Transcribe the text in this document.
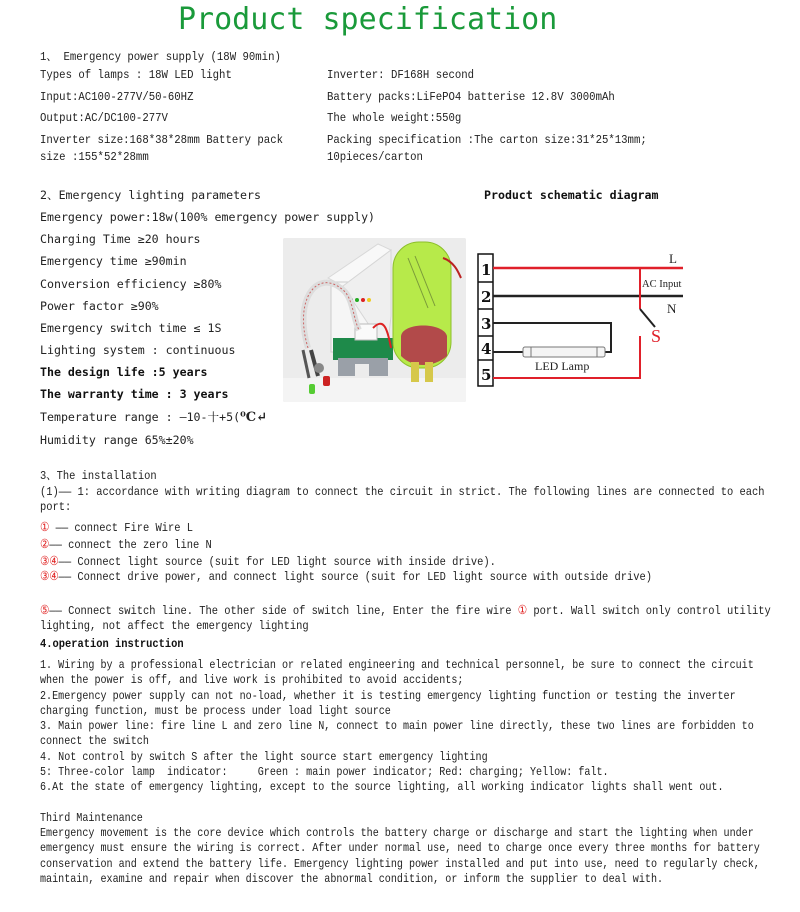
Product specification
1、 Emergency power supply (18W 90min)
Types of lamps : 18W LED light
Input:AC100-277V/50-60HZ
Output:AC/DC100-277V
Inverter size:168*38*28mm Battery pack
size :155*52*28mm
Inverter: DF168H second
Battery packs:LiFePO4 batterise 12.8V 3000mAh
The whole weight:550g
Packing specification :The carton size:31*25*13mm;
10pieces/carton
2、Emergency lighting parameters
Emergency power:18w(100% emergency power supply)
Charging Time ≥20 hours
Emergency time ≥90min
Conversion efficiency ≥80%
Power factor ≥90%
Emergency switch time ≤ 1S
Lighting system : continuous
The design life :5 years
The warranty time : 3 years
Temperature range : —10-十+5(⁰C↵
Humidity range 65%±20%
Product schematic diagram
1
2
3
4
5	LED Lamp
L
AC Input
N
S
3、The installation
(1)—— 1: accordance with writing diagram to connect the circuit in strict. The following lines are connected to each port:
① —— connect Fire Wire L
②—— connect the zero line N
③④—— Connect light source (suit for LED light source with inside drive).
③④—— Connect drive power, and connect light source (suit for LED light source with outside drive)
⑤—— Connect switch line. The other side of switch line, Enter the fire wire ① port. Wall switch only control utility lighting, not affect the emergency lighting
4.operation instruction
1. Wiring by a professional electrician or related engineering and technical personnel, be sure to connect the circuit when the power is off, and live work is prohibited to avoid accidents;
2.Emergency power supply can not no-load, whether it is testing emergency lighting function or testing the inverter charging function, must be process under load light source
3. Main power line: fire line L and zero line N, connect to main power line directly, these two lines are forbidden to connect the switch
4. Not control by switch S after the light source start emergency lighting
5: Three-color lamp  indicator:     Green : main power indicator; Red: charging; Yellow: falt.
6.At the state of emergency lighting, except to the source lighting, all working indicator lights shall went out.
Third Maintenance
Emergency movement is the core device which controls the battery charge or discharge and start the lighting when under emergency must ensure the wiring is correct. After under normal use, need to charge once every three months for battery conservation and extend the battery life. Emergency lighting power installed and put into use, need to regularly check, maintain, examine and repair when discover the abnormal condition, or inform the supplier to deal with.
